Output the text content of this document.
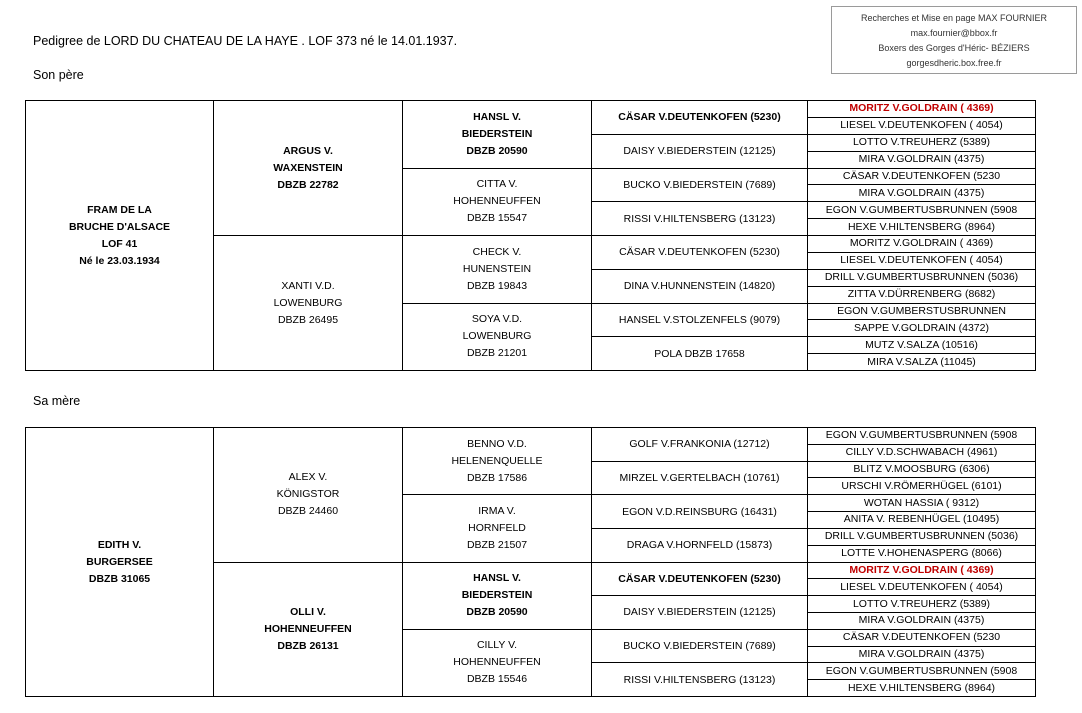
Recherches et Mise en page MAX FOURNIER
max.fournier@bbox.fr
Boxers des Gorges d'Héric- BÉZIERS
gorgesdheric.box.free.fr
Pedigree de LORD DU CHATEAU DE LA HAYE . LOF 373 né le 14.01.1937.
Son père
FRAM DE LA
BRUCHE D'ALSACE
LOF 41
Né le 23.03.1934	ARGUS V.
WAXENSTEIN
DBZB 22782	HANSL V.
BIEDERSTEIN
DBZB 20590	CÄSAR V.DEUTENKOFEN (5230)	MORITZ V.GOLDRAIN ( 4369)
				LIESEL V.DEUTENKOFEN ( 4054)
			DAISY V.BIEDERSTEIN (12125)	LOTTO V.TREUHERZ (5389)
				MIRA V.GOLDRAIN (4375)

		CITTA V.
HOHENNEUFFEN
DBZB 15547	BUCKO V.BIEDERSTEIN (7689)	CÄSAR V.DEUTENKOFEN (5230
				MIRA V.GOLDRAIN (4375)
			RISSI V.HILTENSBERG (13123)	EGON V.GUMBERTUSBRUNNEN (5908
				HEXE V.HILTENSBERG (8964)

	XANTI V.D.
LOWENBURG
DBZB 26495	CHECK V.
HUNENSTEIN
DBZB 19843	CÄSAR V.DEUTENKOFEN (5230)	MORITZ V.GOLDRAIN ( 4369)
				LIESEL V.DEUTENKOFEN ( 4054)
			DINA V.HUNNENSTEIN (14820)	DRILL V.GUMBERTUSBRUNNEN (5036)
				ZITTA V.DÜRRENBERG (8682)

		SOYA V.D.
LOWENBURG
DBZB 21201	HANSEL V.STOLZENFELS (9079)	EGON V.GUMBERSTUSBRUNNEN
				SAPPE V.GOLDRAIN (4372)
			POLA DBZB 17658	MUTZ V.SALZA (10516)
				MIRA V.SALZA (11045)
Sa mère
EDITH V.
BURGERSEE
DBZB 31065	ALEX V.
KÖNIGSTOR
DBZB 24460	BENNO V.D.
HELENENQUELLE
DBZB 17586	GOLF V.FRANKONIA (12712)	EGON V.GUMBERTUSBRUNNEN (5908
				CILLY V.D.SCHWABACH (4961)
			MIRZEL V.GERTELBACH (10761)	BLITZ V.MOOSBURG (6306)
				URSCHI V.RÖMERHÜGEL (6101)

		IRMA V.
HORNFELD
DBZB 21507	EGON V.D.REINSBURG (16431)	WOTAN HASSIA ( 9312)
				ANITA V. REBENHÜGEL (10495)
			DRAGA V.HORNFELD (15873)	DRILL V.GUMBERTUSBRUNNEN (5036)
				LOTTE V.HOHENASPERG (8066)

	OLLI V.
HOHENNEUFFEN
DBZB 26131	HANSL V.
BIEDERSTEIN
DBZB 20590	CÄSAR V.DEUTENKOFEN (5230)	MORITZ V.GOLDRAIN ( 4369)
				LIESEL V.DEUTENKOFEN ( 4054)
			DAISY V.BIEDERSTEIN (12125)	LOTTO V.TREUHERZ (5389)
				MIRA V.GOLDRAIN (4375)

		CILLY V.
HOHENNEUFFEN
DBZB 15546	BUCKO V.BIEDERSTEIN (7689)	CÄSAR V.DEUTENKOFEN (5230
				MIRA V.GOLDRAIN (4375)
			RISSI V.HILTENSBERG (13123)	EGON V.GUMBERTUSBRUNNEN (5908
				HEXE V.HILTENSBERG (8964)
